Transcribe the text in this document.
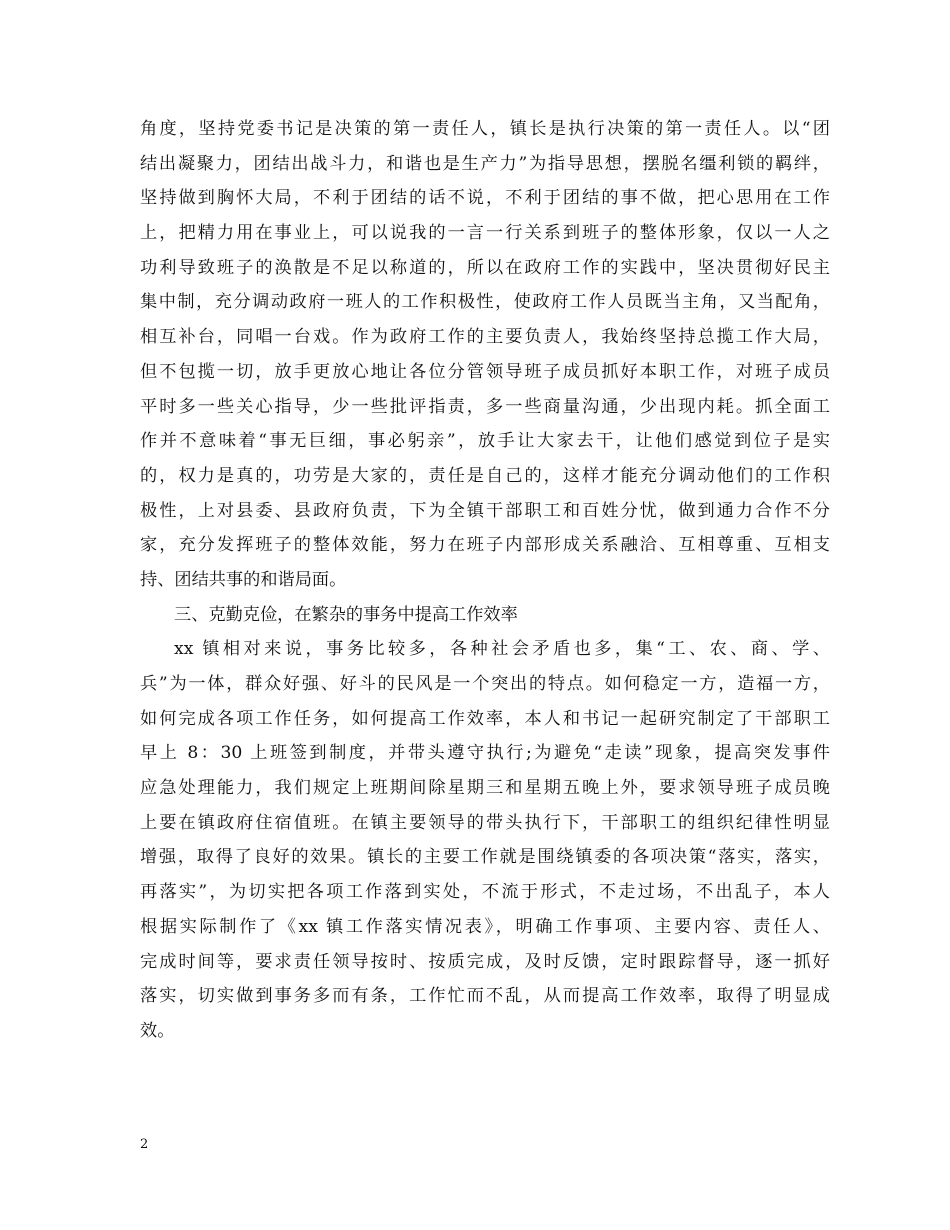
角度，坚持党委书记是决策的第一责任人，镇长是执行决策的第一责任人。以“团
结出凝聚力，团结出战斗力，和谐也是生产力”为指导思想，摆脱名缰利锁的羁绊，
坚持做到胸怀大局，不利于团结的话不说，不利于团结的事不做，把心思用在工作
上，把精力用在事业上，可以说我的一言一行关系到班子的整体形象，仅以一人之
功利导致班子的涣散是不足以称道的，所以在政府工作的实践中，坚决贯彻好民主
集中制，充分调动政府一班人的工作积极性，使政府工作人员既当主角，又当配角，
相互补台，同唱一台戏。作为政府工作的主要负责人，我始终坚持总揽工作大局，
但不包揽一切，放手更放心地让各位分管领导班子成员抓好本职工作，对班子成员
平时多一些关心指导，少一些批评指责，多一些商量沟通，少出现内耗。抓全面工
作并不意味着“事无巨细，事必躬亲”，放手让大家去干，让他们感觉到位子是实
的，权力是真的，功劳是大家的，责任是自己的，这样才能充分调动他们的工作积
极性，上对县委、县政府负责，下为全镇干部职工和百姓分忧，做到通力合作不分
家，充分发挥班子的整体效能，努力在班子内部形成关系融洽、互相尊重、互相支
持、团结共事的和谐局面。
三、克勤克俭，在繁杂的事务中提高工作效率
xx 镇相对来说，事务比较多，各种社会矛盾也多，集“工、农、商、学、
兵”为一体，群众好强、好斗的民风是一个突出的特点。如何稳定一方，造福一方，
如何完成各项工作任务，如何提高工作效率，本人和书记一起研究制定了干部职工
早上 8：30 上班签到制度，并带头遵守执行;为避免“走读”现象，提高突发事件
应急处理能力，我们规定上班期间除星期三和星期五晚上外，要求领导班子成员晚
上要在镇政府住宿值班。在镇主要领导的带头执行下，干部职工的组织纪律性明显
增强，取得了良好的效果。镇长的主要工作就是围绕镇委的各项决策“落实，落实，
再落实”，为切实把各项工作落到实处，不流于形式，不走过场，不出乱子，本人
根据实际制作了《xx 镇工作落实情况表》，明确工作事项、主要内容、责任人、
完成时间等，要求责任领导按时、按质完成，及时反馈，定时跟踪督导，逐一抓好
落实，切实做到事务多而有条，工作忙而不乱，从而提高工作效率，取得了明显成
效。
2
